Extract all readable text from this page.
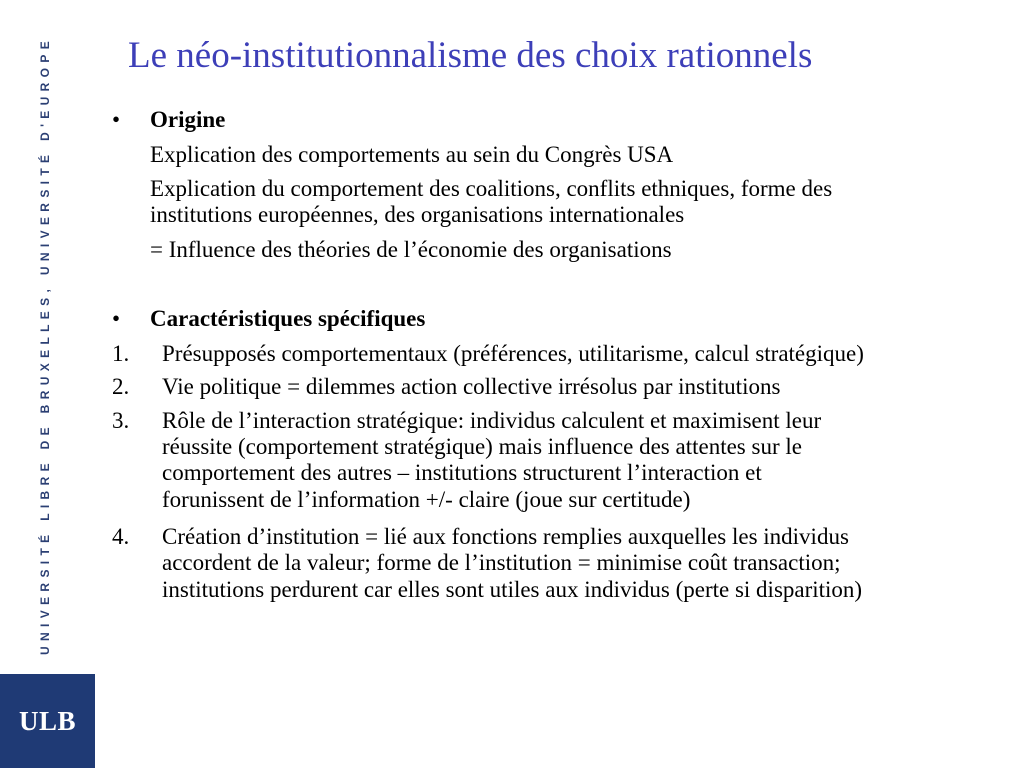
UNIVERSITÉ LIBRE DE BRUXELLES, UNIVERSITÉ D'EUROPE
ULB
Le néo-institutionnalisme des choix rationnels
• Origine
Explication des comportements au sein du Congrès USA
Explication du comportement des coalitions, conflits ethniques, forme des
institutions européennes, des organisations internationales
= Influence des théories de l’économie des organisations
• Caractéristiques spécifiques
1. Présupposés comportementaux (préférences, utilitarisme, calcul stratégique)
2. Vie politique = dilemmes action collective irrésolus par institutions
3. Rôle de l’interaction stratégique: individus calculent et maximisent leur
réussite (comportement stratégique) mais influence des attentes sur le
comportement des autres – institutions structurent l’interaction et
forunissent de l’information +/- claire (joue sur certitude)
4. Création d’institution = lié aux fonctions remplies auxquelles les individus
accordent de la valeur; forme de l’institution = minimise coût transaction;
institutions perdurent car elles sont utiles aux individus (perte si disparition)
